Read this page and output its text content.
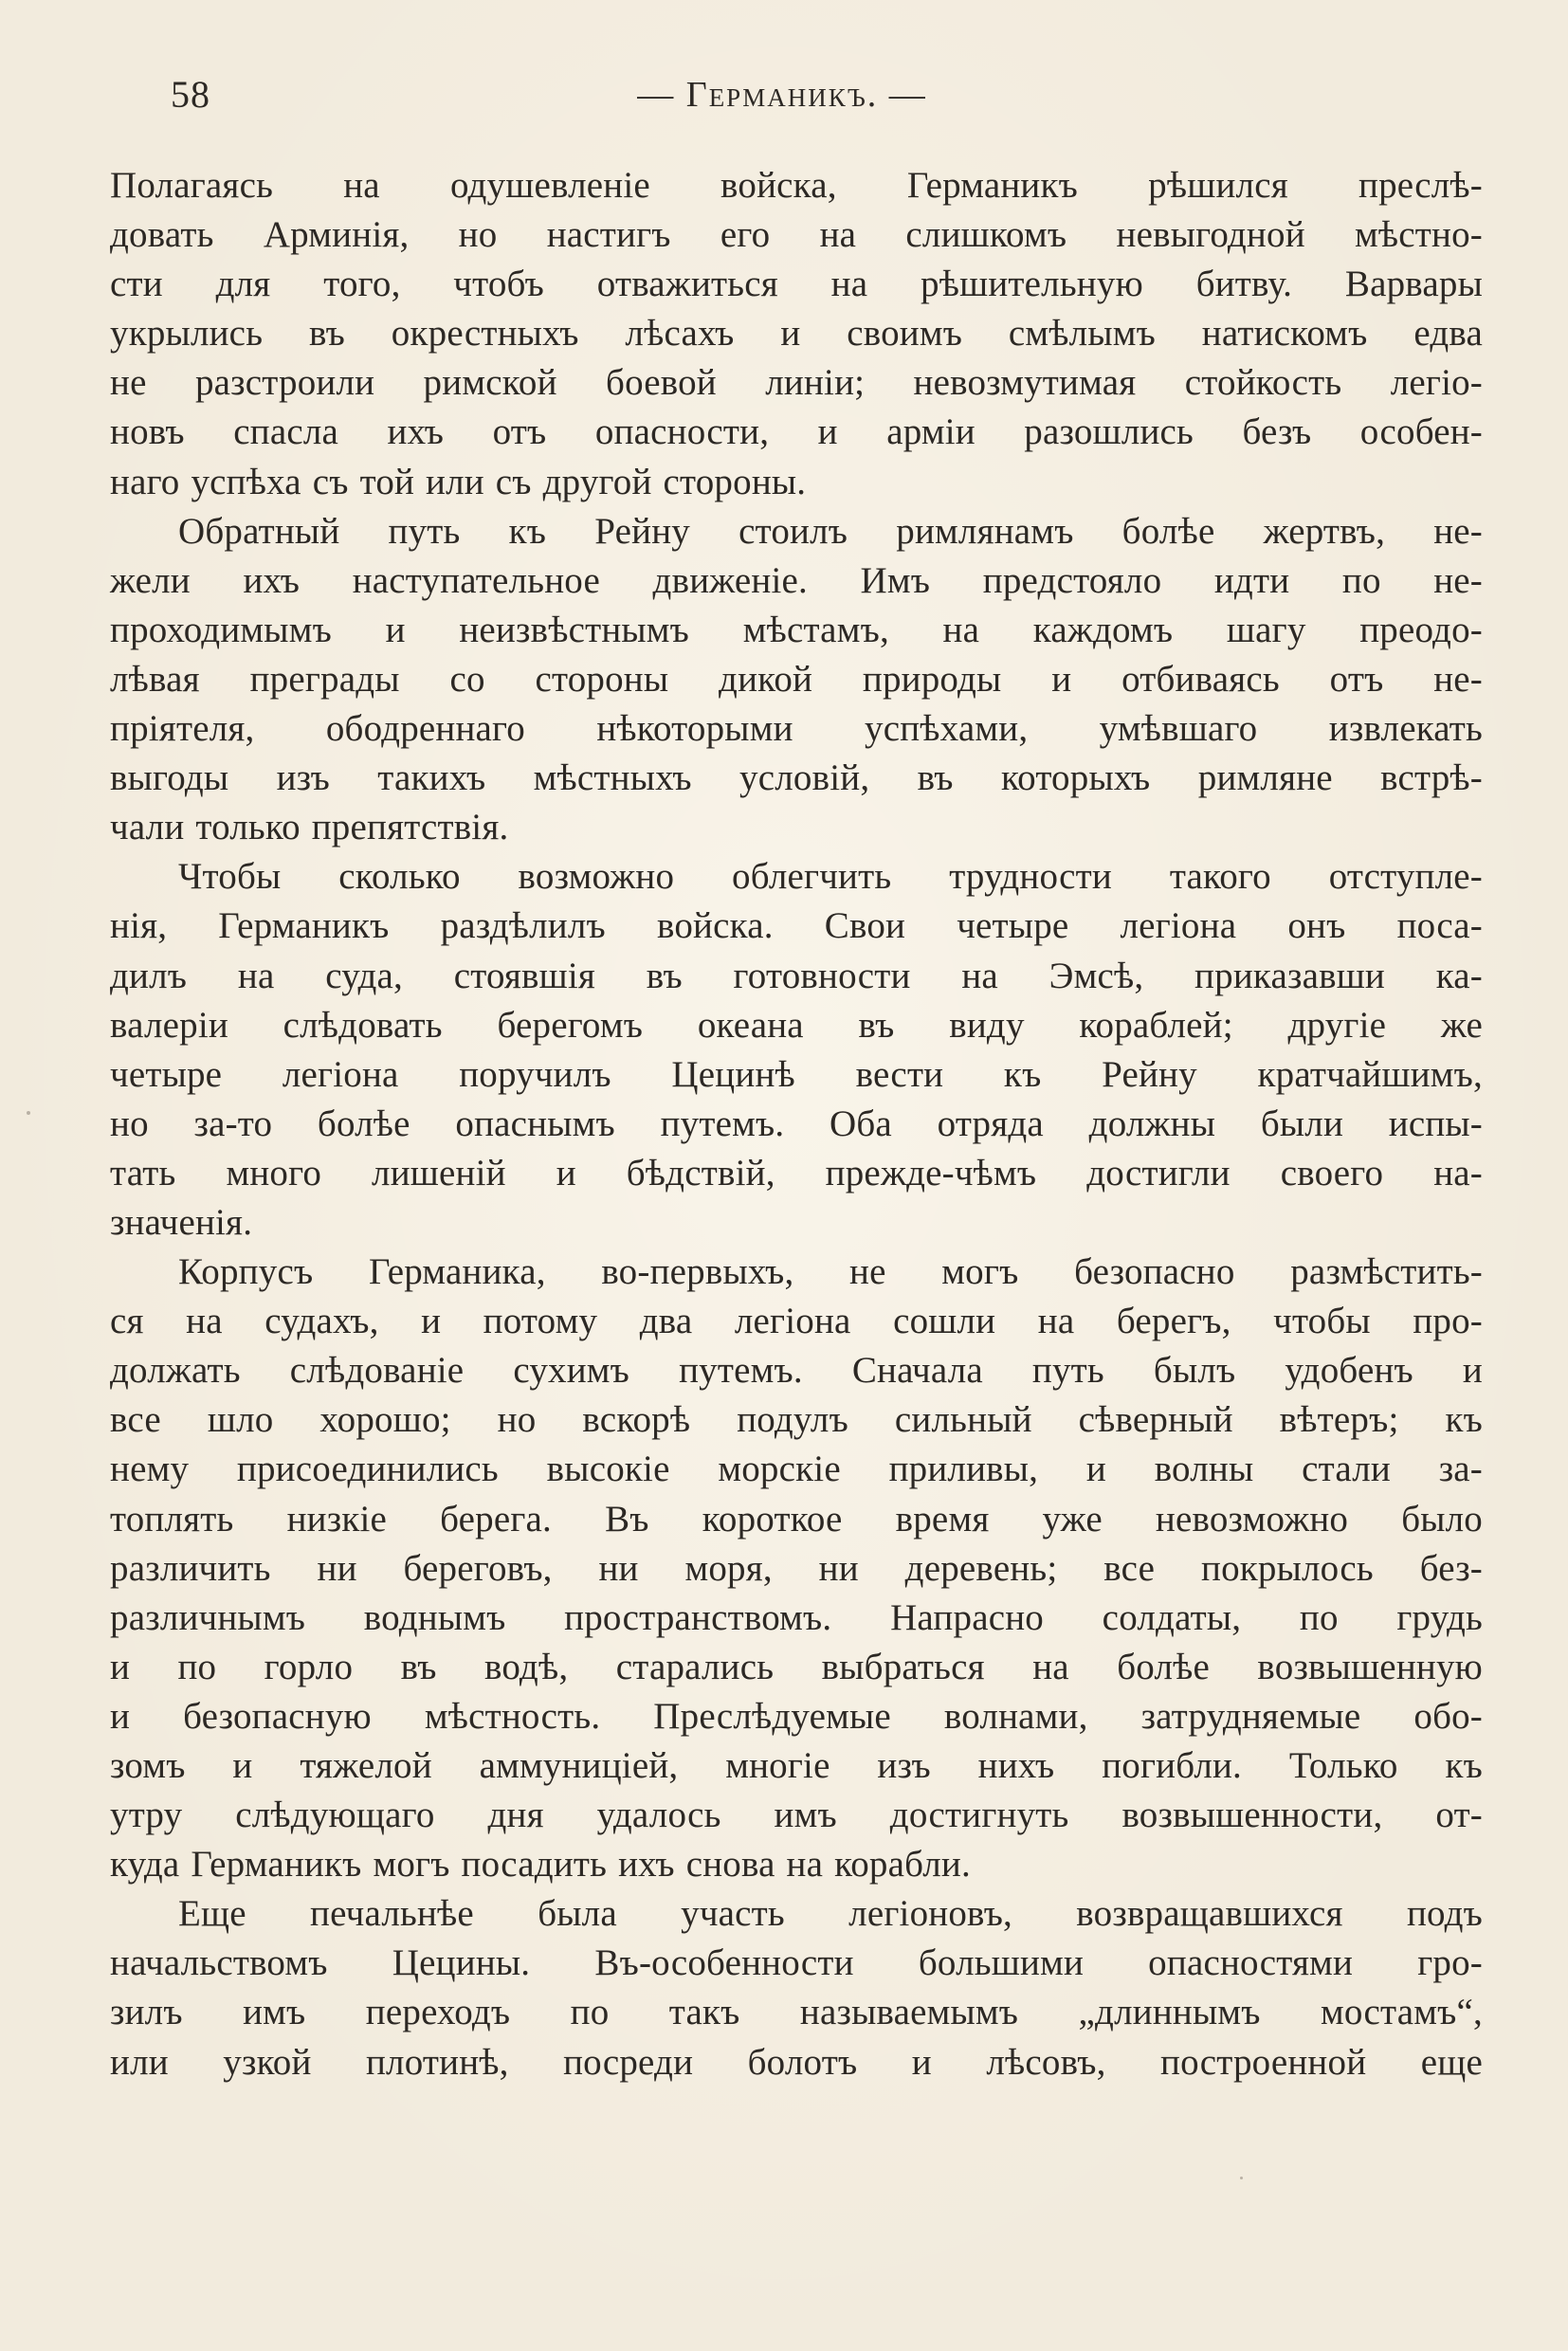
58	— Германикъ. —
Полагаясь на одушевленіе войска, Германикъ рѣшился преслѣ-
довать Арминія, но настигъ его на слишкомъ невыгодной мѣстно-
сти для того, чтобъ отважиться на рѣшительную битву. Варвары
укрылись въ окрестныхъ лѣсахъ и своимъ смѣлымъ натискомъ едва
не разстроили римской боевой линіи; невозмутимая стойкость легіо-
новъ спасла ихъ отъ опасности, и арміи разошлись безъ особен-
наго успѣха съ той или съ другой стороны.
Обратный путь къ Рейну стоилъ римлянамъ болѣе жертвъ, не-
жели ихъ наступательное движеніе. Имъ предстояло идти по не-
проходимымъ и неизвѣстнымъ мѣстамъ, на каждомъ шагу преодо-
лѣвая преграды со стороны дикой природы и отбиваясь отъ не-
пріятеля, ободреннаго нѣкоторыми успѣхами, умѣвшаго извлекать
выгоды изъ такихъ мѣстныхъ условій, въ которыхъ римляне встрѣ-
чали только препятствія.
Чтобы сколько возможно облегчить трудности такого отступле-
нія, Германикъ раздѣлилъ войска. Свои четыре легіона онъ поса-
дилъ на суда, стоявшія въ готовности на Эмсѣ, приказавши ка-
валеріи слѣдовать берегомъ океана въ виду кораблей; другіе же
четыре легіона поручилъ Цецинѣ вести къ Рейну кратчайшимъ,
но за-то болѣе опаснымъ путемъ. Оба отряда должны были испы-
тать много лишеній и бѣдствій, прежде-чѣмъ достигли своего на-
значенія.
Корпусъ Германика, во-первыхъ, не могъ безопасно размѣстить-
ся на судахъ, и потому два легіона сошли на берегъ, чтобы про-
должать слѣдованіе сухимъ путемъ. Сначала путь былъ удобенъ и
все шло хорошо; но вскорѣ подулъ сильный сѣверный вѣтеръ; къ
нему присоединились высокіе морскіе приливы, и волны стали за-
топлять низкіе берега. Въ короткое время уже невозможно было
различить ни береговъ, ни моря, ни деревень; все покрылось без-
различнымъ воднымъ пространствомъ. Напрасно солдаты, по грудь
и по горло въ водѣ, старались выбраться на болѣе возвышенную
и безопасную мѣстность. Преслѣдуемые волнами, затрудняемые обо-
зомъ и тяжелой аммуниціей, многіе изъ нихъ погибли. Только къ
утру слѣдующаго дня удалось имъ достигнуть возвышенности, от-
куда Германикъ могъ посадить ихъ снова на корабли.
Еще печальнѣе была участь легіоновъ, возвращавшихся подъ
начальствомъ Цецины. Въ-особенности большими опасностями гро-
зилъ имъ переходъ по такъ называемымъ „длиннымъ мостамъ“,
или узкой плотинѣ, посреди болотъ и лѣсовъ, построенной еще
